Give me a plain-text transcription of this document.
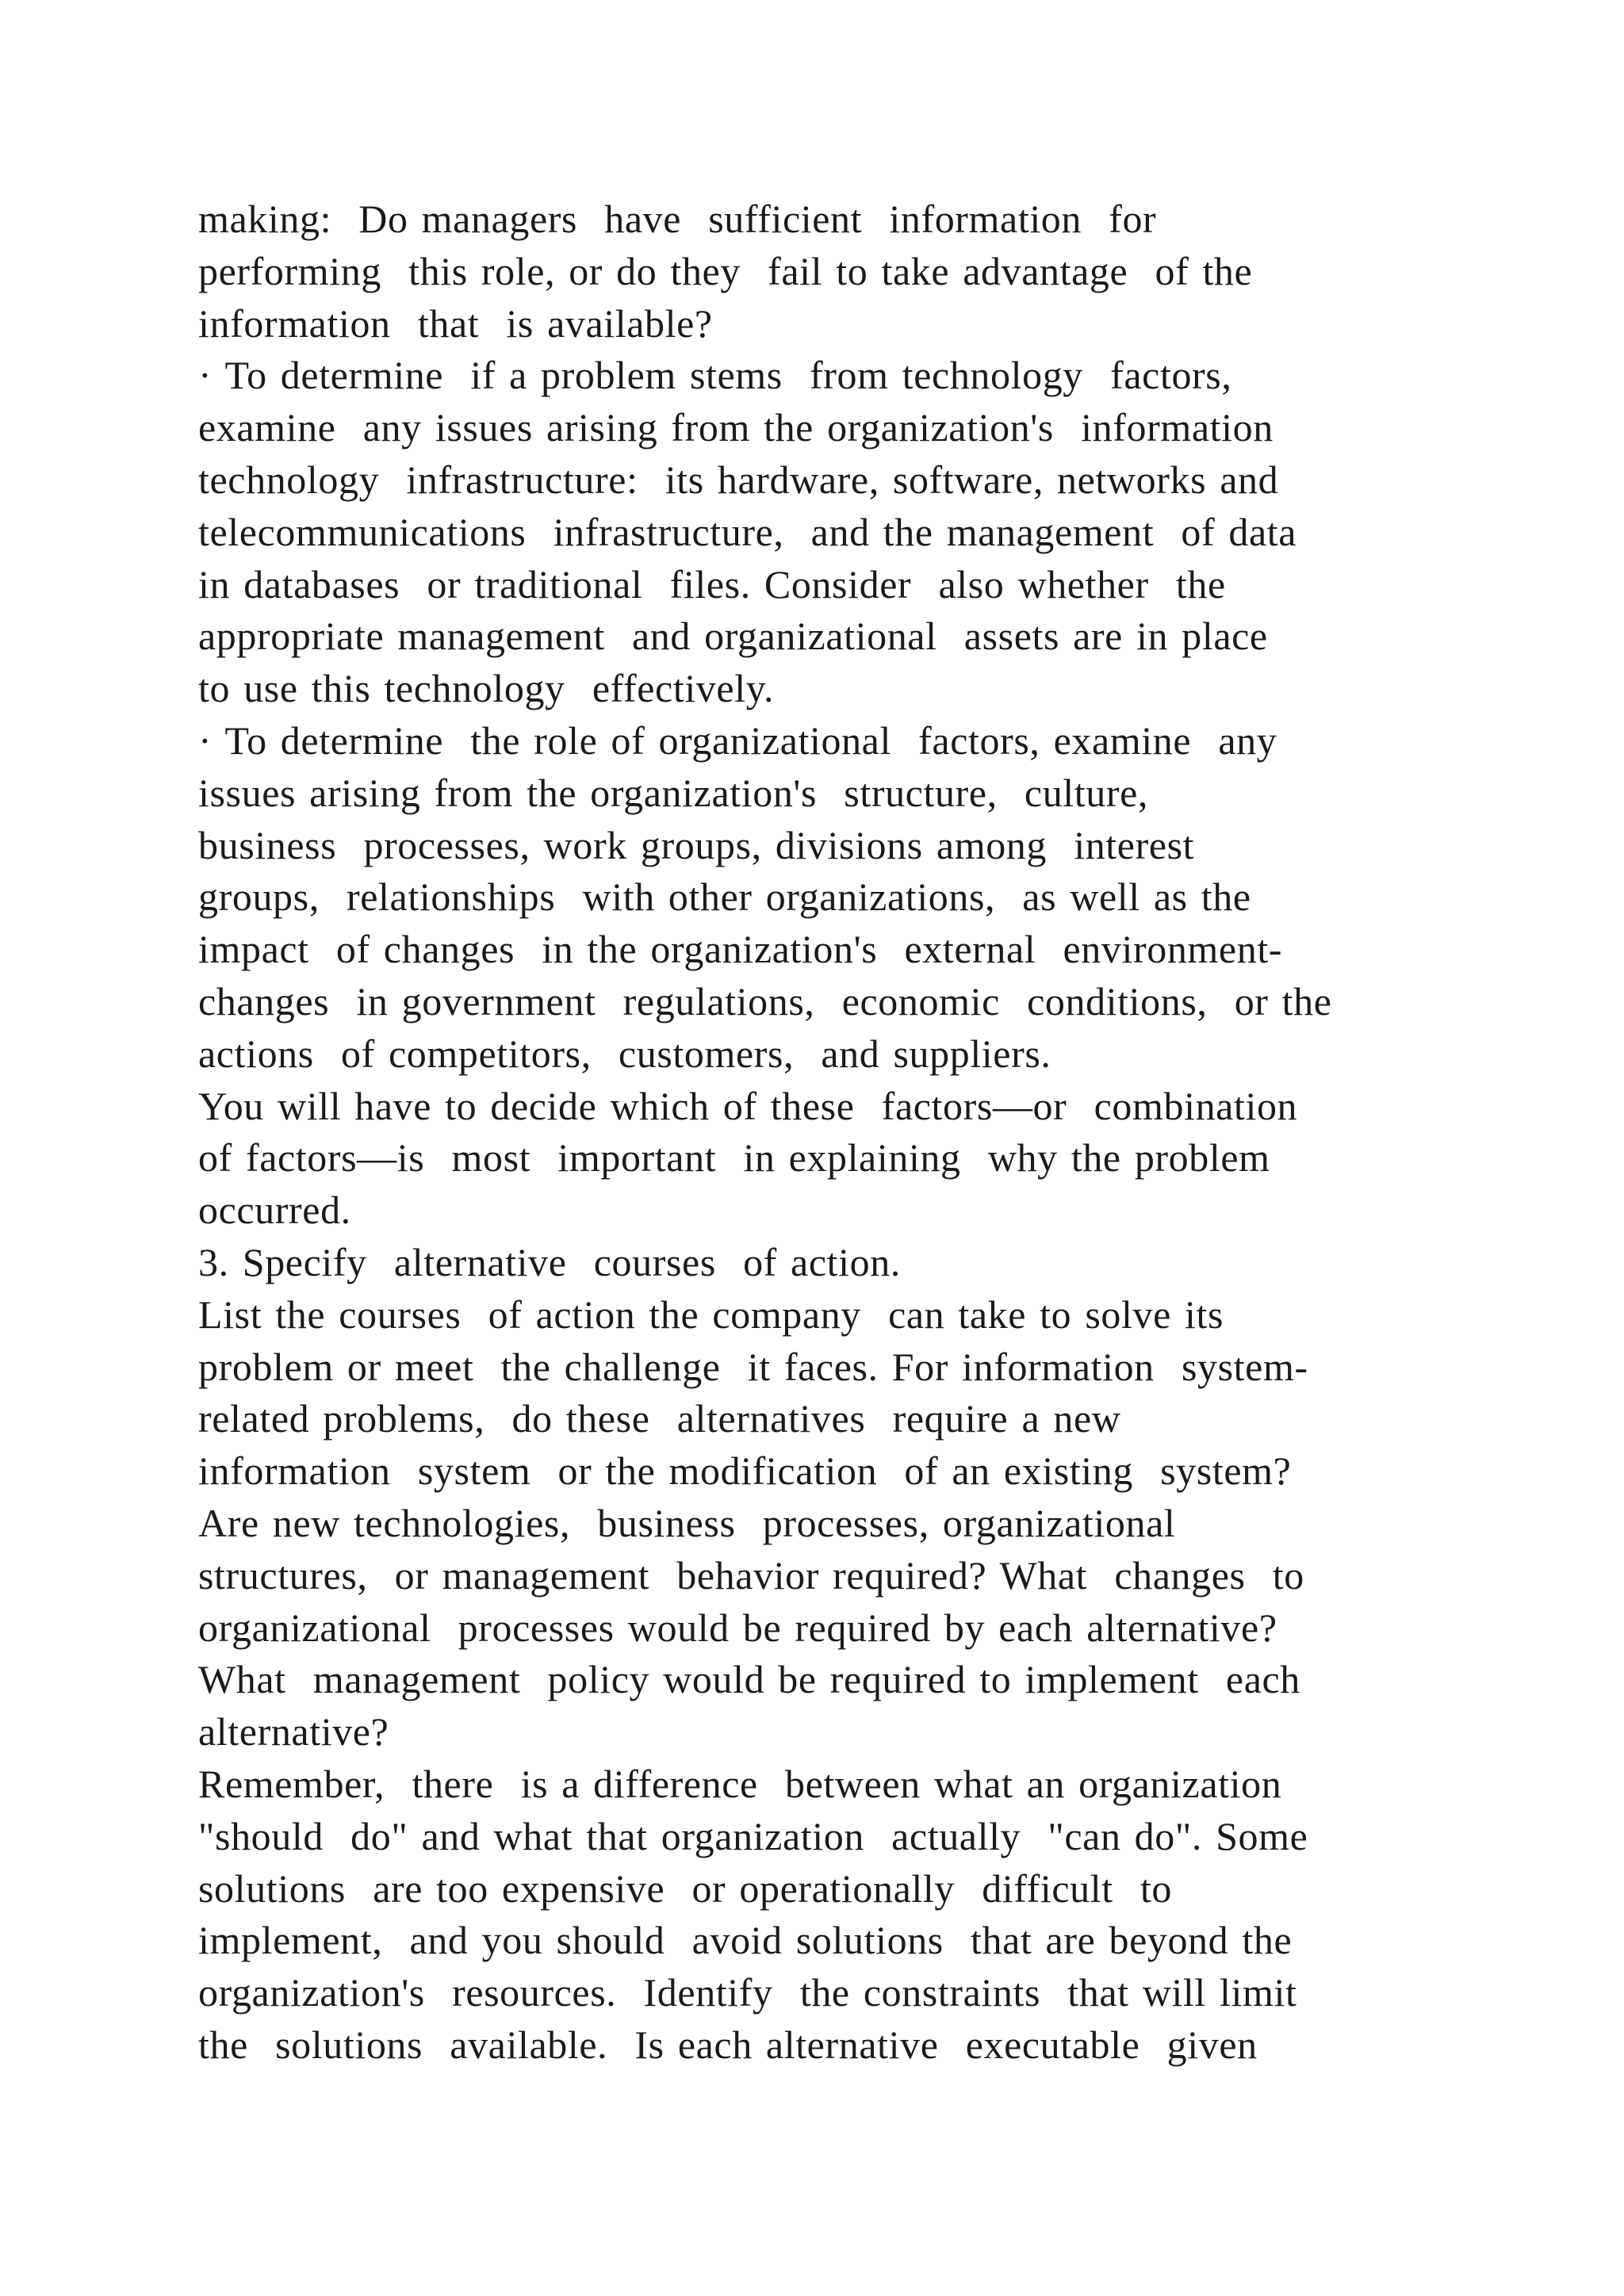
making:  Do managers  have  sufficient  information  for
performing  this role, or do they  fail to take advantage  of the
information  that  is available?
· To determine  if a problem stems  from technology  factors,
examine  any issues arising from the organization's  information
technology  infrastructure:  its hardware, software, networks and
telecommunications  infrastructure,  and the management  of data
in databases  or traditional  files. Consider  also whether  the
appropriate management  and organizational  assets are in place
to use this technology  effectively.
· To determine  the role of organizational  factors, examine  any
issues arising from the organization's  structure,  culture,
business  processes, work groups, divisions among  interest
groups,  relationships  with other organizations,  as well as the
impact  of changes  in the organization's  external  environment-
changes  in government  regulations,  economic  conditions,  or the
actions  of competitors,  customers,  and suppliers.
You will have to decide which of these  factors—or  combination
of factors—is  most  important  in explaining  why the problem
occurred.
3. Specify  alternative  courses  of action.
List the courses  of action the company  can take to solve its
problem or meet  the challenge  it faces. For information  system-
related problems,  do these  alternatives  require a new
information  system  or the modification  of an existing  system?
Are new technologies,  business  processes, organizational
structures,  or management  behavior required? What  changes  to
organizational  processes would be required by each alternative?
What  management  policy would be required to implement  each
alternative?
Remember,  there  is a difference  between what an organization
"should  do" and what that organization  actually  "can do". Some
solutions  are too expensive  or operationally  difficult  to
implement,  and you should  avoid solutions  that are beyond the
organization's  resources.  Identify  the constraints  that will limit
the  solutions  available.  Is each alternative  executable  given
